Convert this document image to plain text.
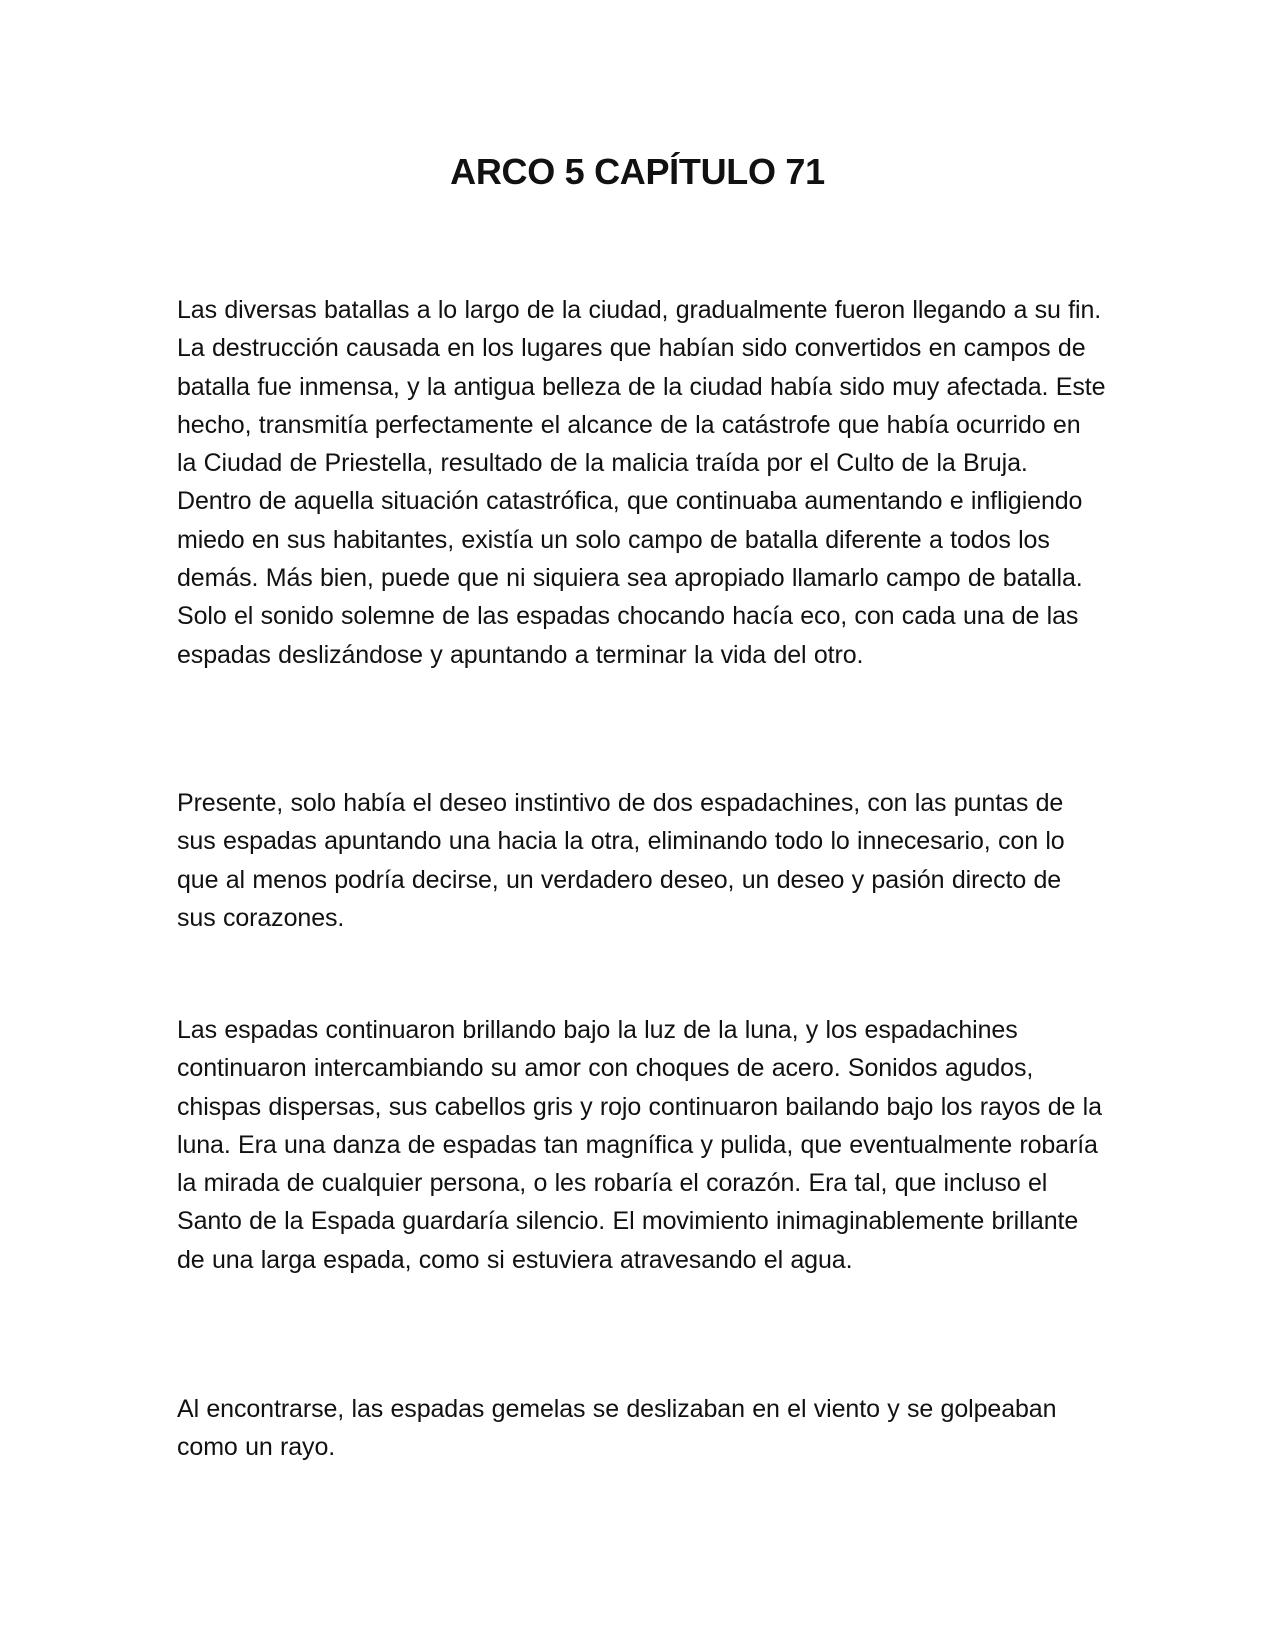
ARCO 5 CAPÍTULO 71

Las diversas batallas a lo largo de la ciudad, gradualmente fueron llegando a su fin. La destrucción causada en los lugares que habían sido convertidos en campos de batalla fue inmensa, y la antigua belleza de la ciudad había sido muy afectada. Este hecho, transmitía perfectamente el alcance de la catástrofe que había ocurrido en la Ciudad de Priestella, resultado de la malicia traída por el Culto de la Bruja. Dentro de aquella situación catastrófica, que continuaba aumentando e infligiendo miedo en sus habitantes, existía un solo campo de batalla diferente a todos los demás. Más bien, puede que ni siquiera sea apropiado llamarlo campo de batalla. Solo el sonido solemne de las espadas chocando hacía eco, con cada una de las espadas deslizándose y apuntando a terminar la vida del otro.

Presente, solo había el deseo instintivo de dos espadachines, con las puntas de sus espadas apuntando una hacia la otra, eliminando todo lo innecesario, con lo que al menos podría decirse, un verdadero deseo, un deseo y pasión directo de sus corazones.

Las espadas continuaron brillando bajo la luz de la luna, y los espadachines continuaron intercambiando su amor con choques de acero. Sonidos agudos, chispas dispersas, sus cabellos gris y rojo continuaron bailando bajo los rayos de la luna. Era una danza de espadas tan magnífica y pulida, que eventualmente robaría la mirada de cualquier persona, o les robaría el corazón. Era tal, que incluso el Santo de la Espada guardaría silencio. El movimiento inimaginablemente brillante de una larga espada, como si estuviera atravesando el agua.

Al encontrarse, las espadas gemelas se deslizaban en el viento y se golpeaban como un rayo.
